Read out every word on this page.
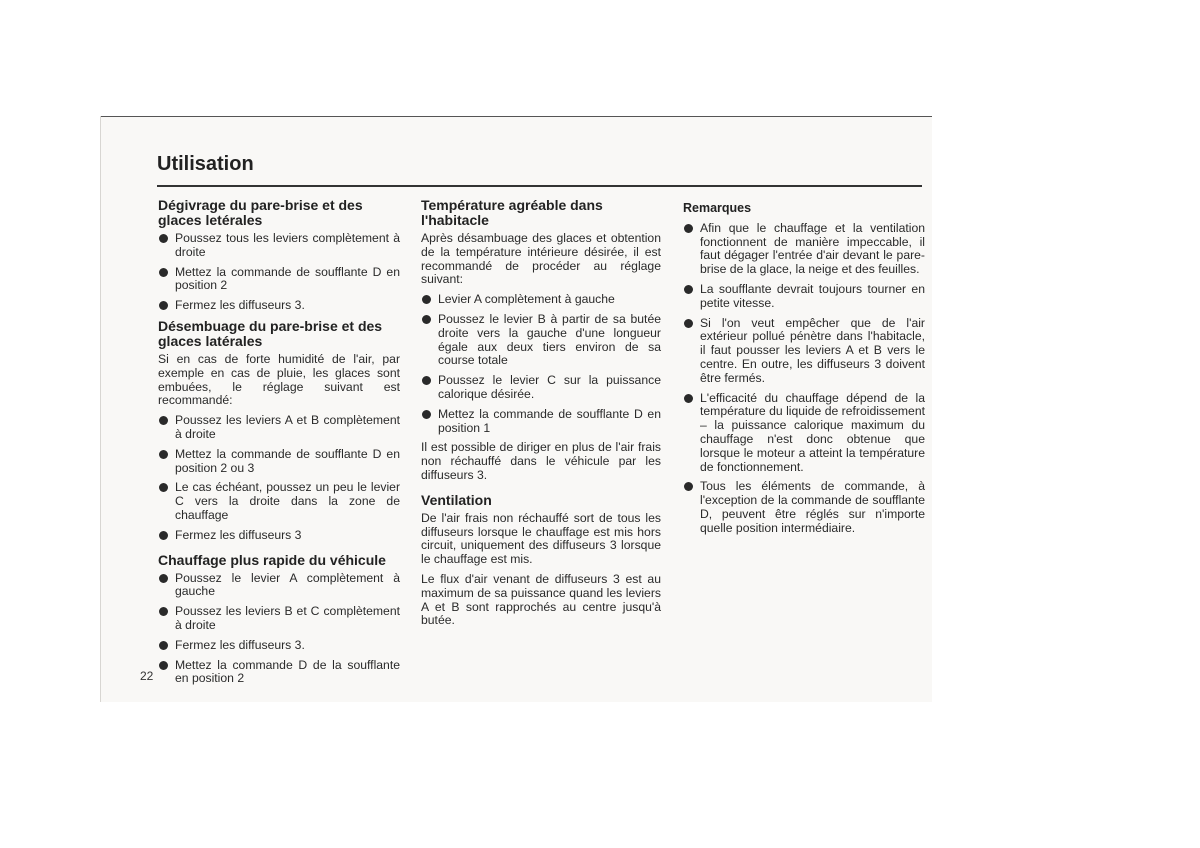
Utilisation
Dégivrage du pare-brise et des glaces letérales
Poussez tous les leviers complètement à droite
Mettez la commande de soufflante D en position 2
Fermez les diffuseurs 3.
Désembuage du pare-brise et des glaces latérales

Si en cas de forte humidité de l'air, par exemple en cas de pluie, les glaces sont embuées, le réglage suivant est recommandé:

Poussez les leviers A et B complètement à droite
Mettez la commande de soufflante D en position 2 ou 3
Le cas échéant, poussez un peu le levier C vers la droite dans la zone de chauffage
Fermez les diffuseurs 3
Chauffage plus rapide du véhicule
Poussez le levier A complètement à gauche
Poussez les leviers B et C complètement à droite
Fermez les diffuseurs 3.
Mettez la commande D de la soufflante en position 2
Température agréable dans l'habitacle

Après désambuage des glaces et obtention de la température intérieure désirée, il est recommandé de procéder au réglage suivant:

Levier A complètement à gauche
Poussez le levier B à partir de sa butée droite vers la gauche d'une longueur égale aux deux tiers environ de sa course totale
Poussez le levier C sur la puissance calorique désirée.
Mettez la commande de soufflante D en position 1

Il est possible de diriger en plus de l'air frais non réchauffé dans le véhicule par les diffuseurs 3.

Ventilation

De l'air frais non réchauffé sort de tous les diffuseurs lorsque le chauffage est mis hors circuit, uniquement des diffuseurs 3 lorsque le chauffage est mis.

Le flux d'air venant de diffuseurs 3 est au maximum de sa puissance quand les leviers A et B sont rapprochés au centre jusqu'à butée.

Remarques
Afin que le chauffage et la ventilation fonctionnent de manière impeccable, il faut dégager l'entrée d'air devant le pare-brise de la glace, la neige et des feuilles.
La soufflante devrait toujours tourner en petite vitesse.
Si l'on veut empêcher que de l'air extérieur pollué pénètre dans l'habitacle, il faut pousser les leviers A et B vers le centre. En outre, les diffuseurs 3 doivent être fermés.
L'efficacité du chauffage dépend de la température du liquide de refroidissement – la puissance calorique maximum du chauffage n'est donc obtenue que lorsque le moteur a atteint la température de fonctionnement.
Tous les éléments de commande, à l'exception de la commande de soufflante D, peuvent être réglés sur n'importe quelle position intermédiaire.
22
